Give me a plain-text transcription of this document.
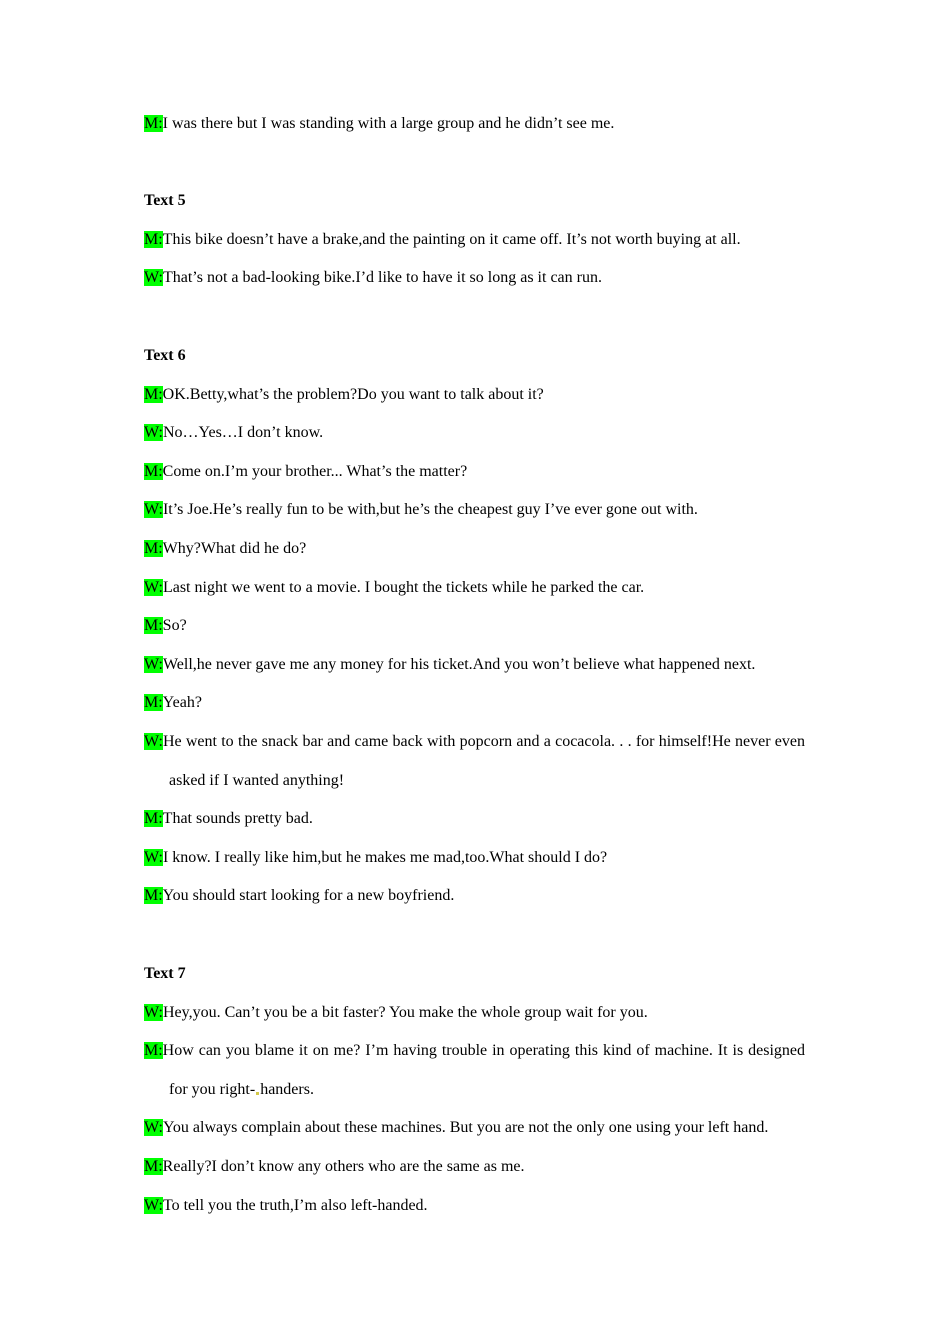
M:I was there but I was standing with a large group and he didn’t see me.
Text 5
M:This bike doesn’t have a brake,and the painting on it came off. It’s not worth buying at all.
W:That’s not a bad-looking bike.I’d like to have it so long as it can run.
Text 6
M:OK.Betty,what’s the problem?Do you want to talk about it?
W:No…Yes…I don’t know.
M:Come on.I’m your brother... What’s the matter?
W:It’s Joe.He’s really fun to be with,but he’s the cheapest guy I’ve ever gone out with.
M:Why?What did he do?
W:Last night we went to a movie. I bought the tickets while he parked the car.
M:So?
W:Well,he never gave me any money for his ticket.And you won’t believe what happened next.
M:Yeah?
W:He went to the snack bar and came back with popcorn and a cocacola. . . for himself!He never even asked if I wanted anything!
M:That sounds pretty bad.
W:I know. I really like him,but he makes me mad,too.What should I do?
M:You should start looking for a new boyfriend.
Text 7
W:Hey,you. Can’t you be a bit faster? You make the whole group wait for you.
M:How can you blame it on me? I’m having trouble in operating this kind of machine. It is designed for you right- handers.
W:You always complain about these machines. But you are not the only one using your left hand.
M:Really?I don’t know any others who are the same as me.
W:To tell you the truth,I’m also left-handed.
